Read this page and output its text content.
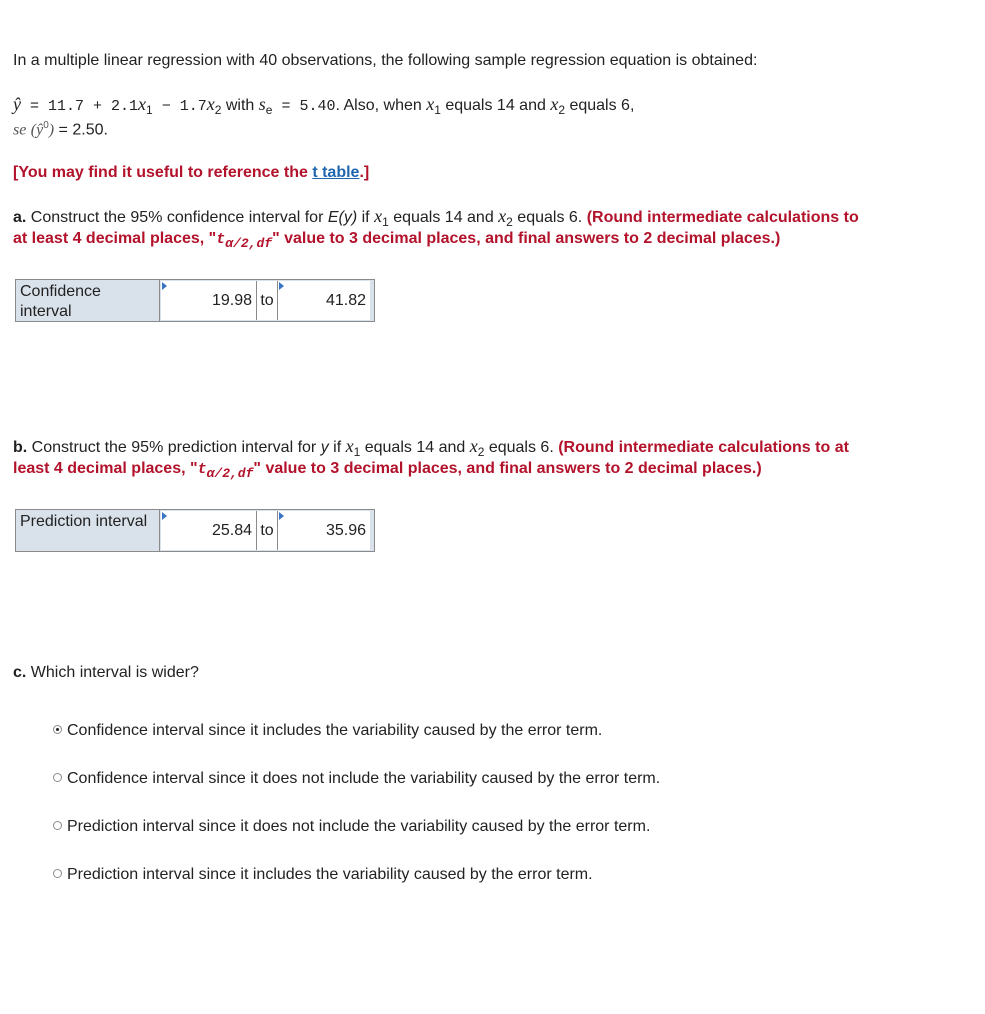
In a multiple linear regression with 40 observations, the following sample regression equation is obtained:
ŷ = $11.7 + 2.1x_1 - 1.7x_2$ with $s_e = 5.40$. Also, when $x_1$ equals 14 and $x_2$ equals 6,
se $(ŷ^0) = 2.50$.
[You may find it useful to reference the t table.]
a. Construct the 95% confidence interval for E(y) if $x_1$ equals 14 and $x_2$ equals 6. (Round intermediate calculations to
at least 4 decimal places, "$t_{\alpha/2,df}$" value to 3 decimal places, and final answers to 2 decimal places.)
Confidence interval
19.98 to	41.82
b. Construct the 95% prediction interval for y if $x_1$ equals 14 and $x_2$ equals 6. (Round intermediate calculations to at
least 4 decimal places, "$t_{\alpha/2,df}$" value to 3 decimal places, and final answers to 2 decimal places.)
Prediction interval	25.84 to	35.96
c. Which interval is wider?
Confidence interval since it includes the variability caused by the error term.
Confidence interval since it does not include the variability caused by the error term.
Prediction interval since it does not include the variability caused by the error term.
Prediction interval since it includes the variability caused by the error term.
